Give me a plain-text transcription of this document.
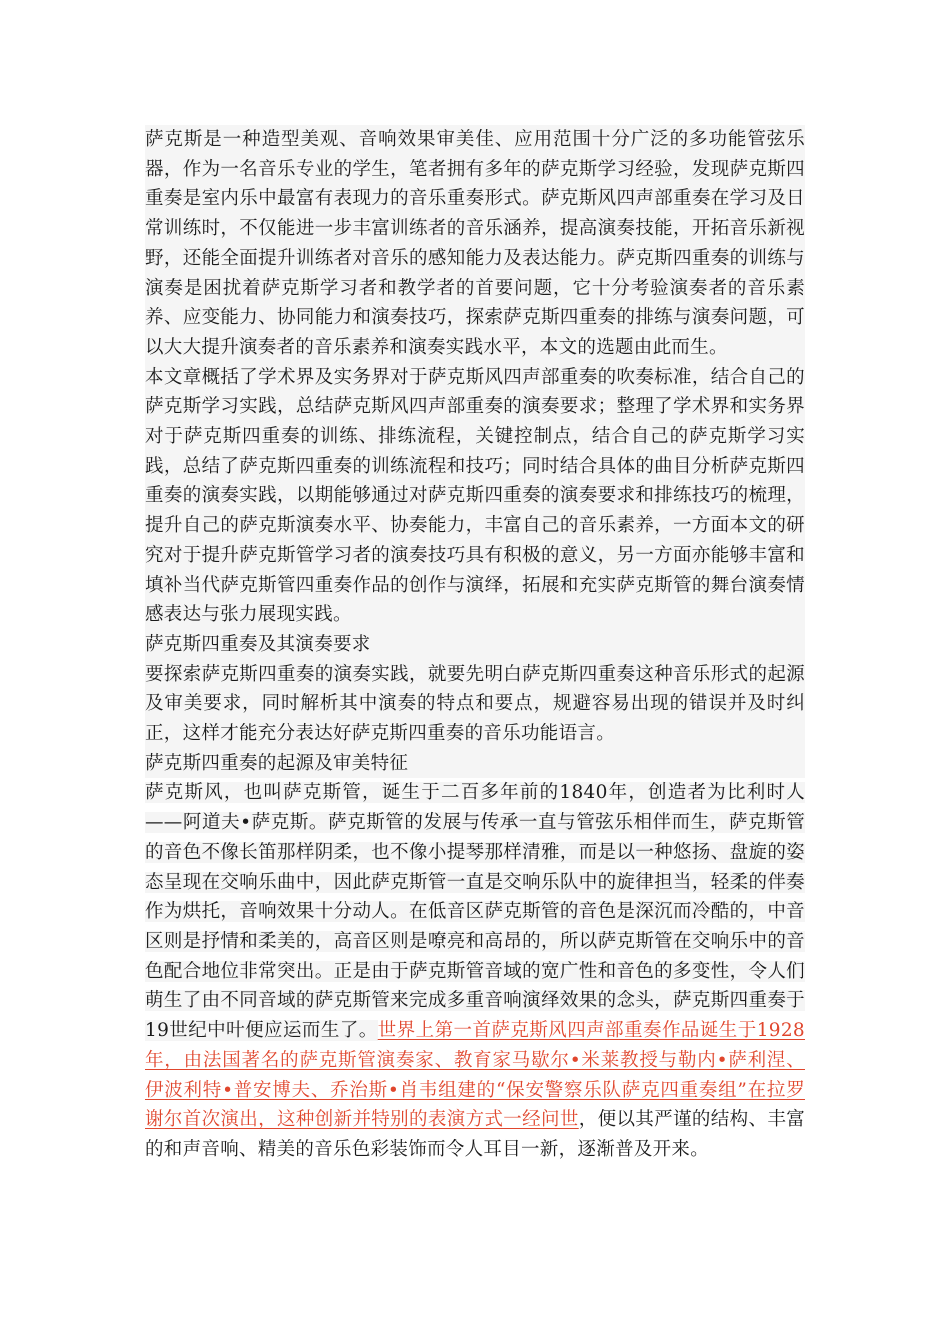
萨克斯是一种造型美观、音响效果审美佳、应用范围十分广泛的多功能管弦乐器，作为一名音乐专业的学生，笔者拥有多年的萨克斯学习经验，发现萨克斯四重奏是室内乐中最富有表现力的音乐重奏形式。萨克斯风四声部重奏在学习及日常训练时，不仅能进一步丰富训练者的音乐涵养，提高演奏技能，开拓音乐新视野，还能全面提升训练者对音乐的感知能力及表达能力。萨克斯四重奏的训练与演奏是困扰着萨克斯学习者和教学者的首要问题，它十分考验演奏者的音乐素养、应变能力、协同能力和演奏技巧，探索萨克斯四重奏的排练与演奏问题，可以大大提升演奏者的音乐素养和演奏实践水平，本文的选题由此而生。

本文章概括了学术界及实务界对于萨克斯风四声部重奏的吹奏标准，结合自己的萨克斯学习实践，总结萨克斯风四声部重奏的演奏要求；整理了学术界和实务界对于萨克斯四重奏的训练、排练流程，关键控制点，结合自己的萨克斯学习实践，总结了萨克斯四重奏的训练流程和技巧；同时结合具体的曲目分析萨克斯四重奏的演奏实践，以期能够通过对萨克斯四重奏的演奏要求和排练技巧的梳理，提升自己的萨克斯演奏水平、协奏能力，丰富自己的音乐素养，一方面本文的研究对于提升萨克斯管学习者的演奏技巧具有积极的意义，另一方面亦能够丰富和填补当代萨克斯管四重奏作品的创作与演绎，拓展和充实萨克斯管的舞台演奏情感表达与张力展现实践。

萨克斯四重奏及其演奏要求

要探索萨克斯四重奏的演奏实践，就要先明白萨克斯四重奏这种音乐形式的起源及审美要求，同时解析其中演奏的特点和要点，规避容易出现的错误并及时纠正，这样才能充分表达好萨克斯四重奏的音乐功能语言。

萨克斯四重奏的起源及审美特征

萨克斯风，也叫萨克斯管，诞生于二百多年前的1840年，创造者为比利时人——阿道夫•萨克斯。萨克斯管的发展与传承一直与管弦乐相伴而生，萨克斯管的音色不像长笛那样阴柔，也不像小提琴那样清雅，而是以一种悠扬、盘旋的姿态呈现在交响乐曲中，因此萨克斯管一直是交响乐队中的旋律担当，轻柔的伴奏作为烘托，音响效果十分动人。在低音区萨克斯管的音色是深沉而冷酷的，中音区则是抒情和柔美的，高音区则是嘹亮和高昂的，所以萨克斯管在交响乐中的音色配合地位非常突出。正是由于萨克斯管音域的宽广性和音色的多变性，令人们萌生了由不同音域的萨克斯管来完成多重音响演绎效果的念头，萨克斯四重奏于19世纪中叶便应运而生了。世界上第一首萨克斯风四声部重奏作品诞生于1928年，由法国著名的萨克斯管演奏家、教育家马歇尔•米莱教授与勒内•萨利涅、伊波利特•普安博夫、乔治斯•肖韦组建的“保安警察乐队萨克四重奏组”在拉罗谢尔首次演出，这种创新并特别的表演方式一经问世，便以其严谨的结构、丰富的和声音响、精美的音乐色彩装饰而令人耳目一新，逐渐普及开来。
